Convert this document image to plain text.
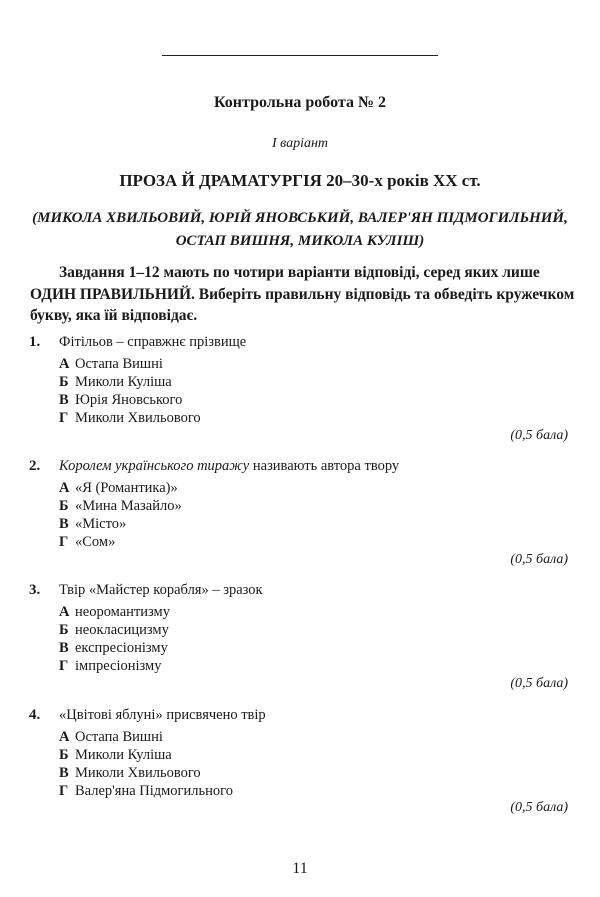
Контрольна робота № 2
І варіант
ПРОЗА Й ДРАМАТУРГІЯ 20–30-х років XX ст.
(МИКОЛА ХВИЛЬОВИЙ, ЮРІЙ ЯНОВСЬКИЙ, ВАЛЕР'ЯН ПІДМОГИЛЬНИЙ,
ОСТАП ВИШНЯ, МИКОЛА КУЛІШ)
Завдання 1–12 мають по чотири варіанти відповіді, серед яких лише ОДИН ПРАВИЛЬНИЙ. Виберіть правильну відповідь та обведіть кружечком букву, яка їй відповідає.
1. Фітільов – справжнє прізвище
А Остапа Вишні
Б Миколи Куліша
В Юрія Яновського
Г Миколи Хвильового
(0,5 бала)
2. Королем українського тиражу називають автора твору
А «Я (Романтика)»
Б «Мина Мазайло»
В «Місто»
Г «Сом»
(0,5 бала)
3. Твір «Майстер корабля» – зразок
А неоромантизму
Б неокласицизму
В експресіонізму
Г імпресіонізму
(0,5 бала)
4. «Цвітові яблуні» присвячено твір
А Остапа Вишні
Б Миколи Куліша
В Миколи Хвильового
Г Валер'яна Підмогильного
(0,5 бала)
11
